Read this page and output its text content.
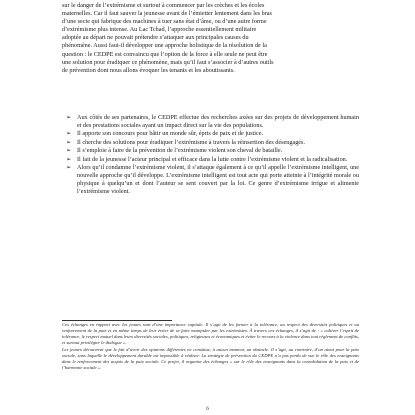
sur le danger de l’extrémisme et surtout à commencer par les crèches et les écoles

maternelles. Car il faut sauver la jeunesse avant de l’émietter lentement dans les bras

d’une secte qui fabrique des machines à tuer sans état d’âme, ou d’une autre forme

d’extrémisme plus intense. Au Lac Tchad, l’approche essentiellement militaire

adoptée au départ ne pouvait prétendre s’attaquer aux principales causes du

phénomène. Aussi faut-il développer une approche holistique de la résolution de la

question : le CEDPE est convaincu que l’option de la force à elle seule ne peut être

une solution pour éradiquer ce phénomène, mais qu’il faut s’associer à d’autres outils

de prévention dont nous allons évoquer les tenants et les aboutissants.

➢ Aux côtés de ses partenaires, le CEDPE effectue des recherches axées sur des projets de développement humain et des prestations sociales ayant un impact direct sur la vie des populations.
➢ Il apporte son concours pour bâtir un monde sûr, épris de paix et de justice.
➢ Il cherche des solutions pour éradiquer l’extrémisme à travers la réinsertion des désengagés.
➢ Il s’emploie à faire de la prévention de l’extrémisme violent son cheval de bataille.
➢ Il fait de la jeunesse l’acteur principal et efficace dans la lutte contre l’extrémisme violent et la radicalisation.
➢ Alors qu’il condamne l’extrémisme violent, il s’attaque également à ce qu’il appelle l’extrémisme intelligent, une nouvelle approche qu’il développe. L’extrémisme intelligent est tout acte qui porte atteinte à l’intégrité morale ou physique à quelqu’un et dont l’auteur se sent couvert par la loi. Ce genre d’extrémisme irrigue et alimente l’extrémisme violent.

Ces échanges en rapport avec les jeunes sont d’une importance capitale. Il s’agit de les former à la tolérance, au respect des diversités politiques et au renforcement de la paix et en même temps de leur éviter de se faire manipuler par les extrémistes. À travers ces échanges, il s’agit de : « cultiver l’esprit de tolérance, le respect mutuel dans leurs diversités sociales, politiques, religieuses et économiques et éviter le recours à la violence dans tout règlement de conflits, et surtout privilégier le dialogue ».

Les jeunes découvrent que le fait d’avoir des opinions différentes ne constitue, à aucun moment, un obstacle. Il s’agit, au contraire, d’un atout pour la paix sociale, sans laquelle le développement durable est impossible à réaliser. La stratégie de prévention du CEDPE n’a pas perdu de vue le rôle des enseignants dans le renforcement des acquis de la paix sociale. Ce projet, il organise des échanges « sur le rôle des enseignants dans la consolidation de la paix et de l’harmonie sociale ».

6
